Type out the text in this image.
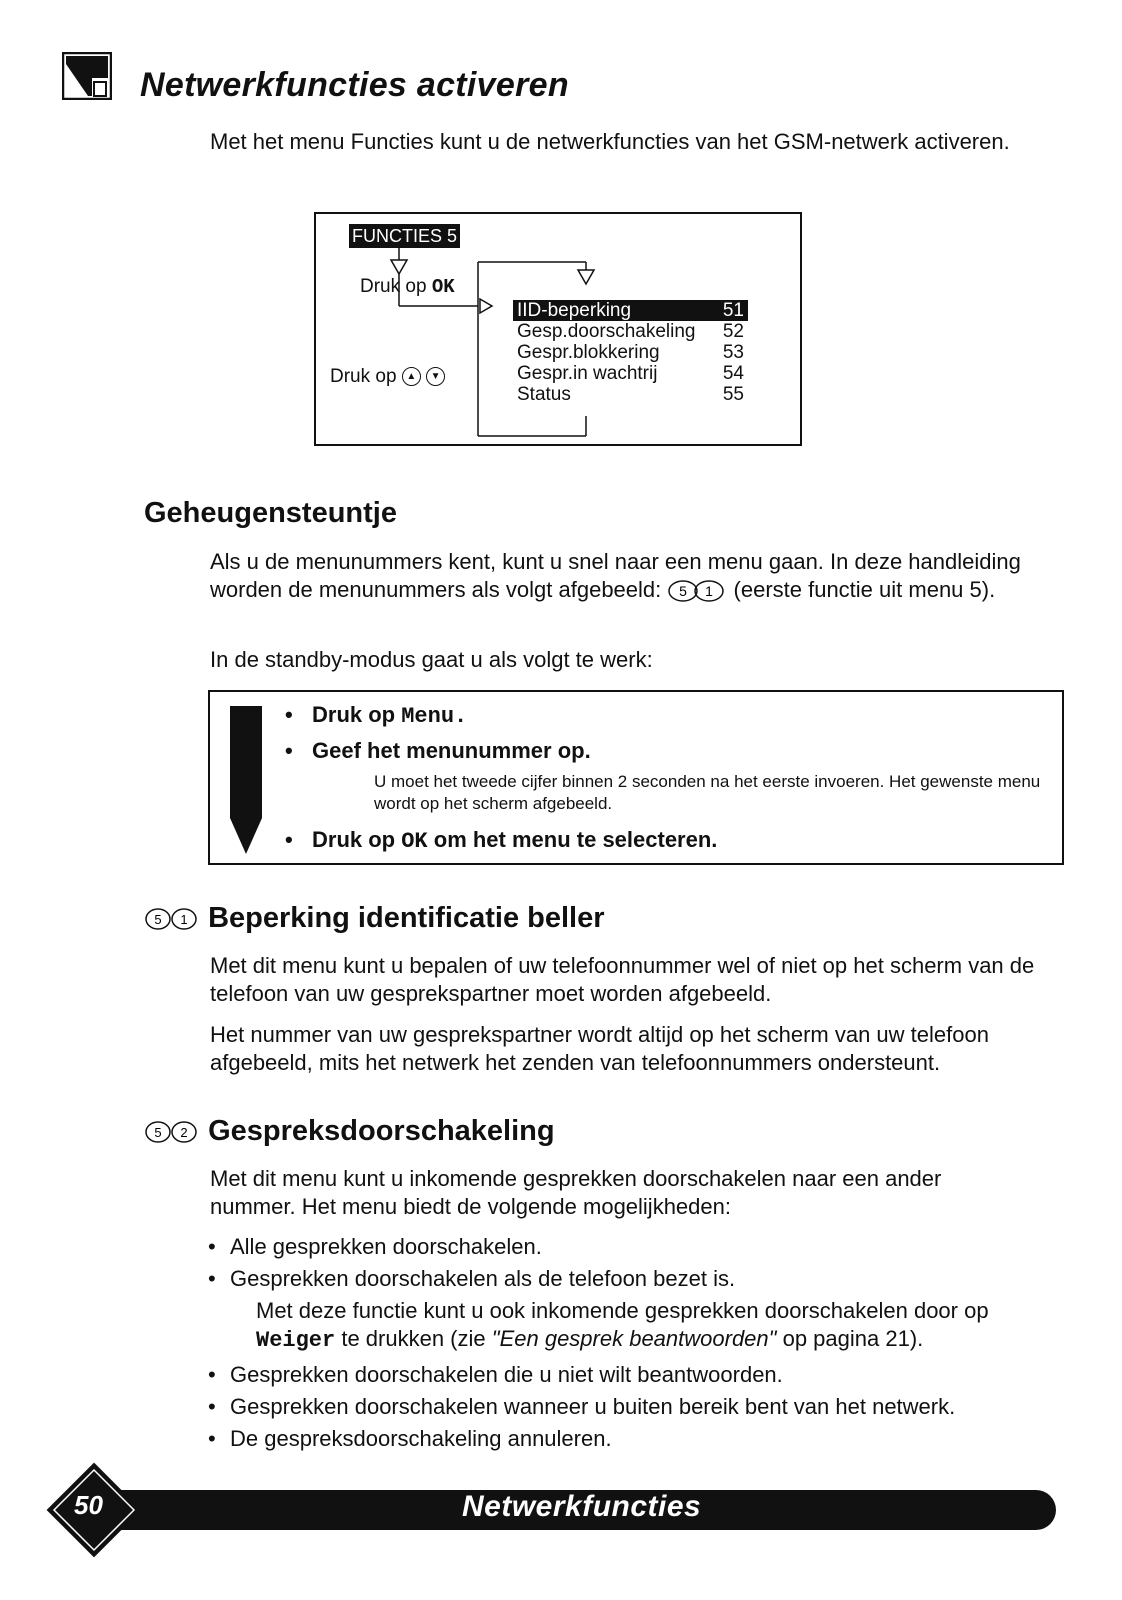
Netwerkfuncties activeren
Met het menu Functies kunt u de netwerkfuncties van het GSM-netwerk activeren.
FUNCTIES 5
Druk op OK
Druk op ▲ ▼
IID-beperking	51
Gesp.doorschakeling 52
Gespr.blokkering	53
Gespr.in wachtrij	54
Status	55
Geheugensteuntje
Als u de menunummers kent, kunt u snel naar een menu gaan. In deze handleiding worden de menunummers als volgt afgebeeld: 5 1 (eerste functie uit menu 5).
In de standby-modus gaat u als volgt te werk:
• Druk op Menu.
• Geef het menunummer op.
U moet het tweede cijfer binnen 2 seconden na het eerste invoeren. Het gewenste menu wordt op het scherm afgebeeld.
• Druk op OK om het menu te selecteren.
5 1 Beperking identificatie beller
Met dit menu kunt u bepalen of uw telefoonnummer wel of niet op het scherm van de telefoon van uw gesprekspartner moet worden afgebeeld.
Het nummer van uw gesprekspartner wordt altijd op het scherm van uw telefoon afgebeeld, mits het netwerk het zenden van telefoonnummers ondersteunt.
5 2 Gespreksdoorschakeling
Met dit menu kunt u inkomende gesprekken doorschakelen naar een ander nummer. Het menu biedt de volgende mogelijkheden:
• Alle gesprekken doorschakelen.
• Gesprekken doorschakelen als de telefoon bezet is.
Met deze functie kunt u ook inkomende gesprekken doorschakelen door op Weiger te drukken (zie "Een gesprek beantwoorden" op pagina 21).
• Gesprekken doorschakelen die u niet wilt beantwoorden.
• Gesprekken doorschakelen wanneer u buiten bereik bent van het netwerk.
• De gespreksdoorschakeling annuleren.
50	Netwerkfuncties
